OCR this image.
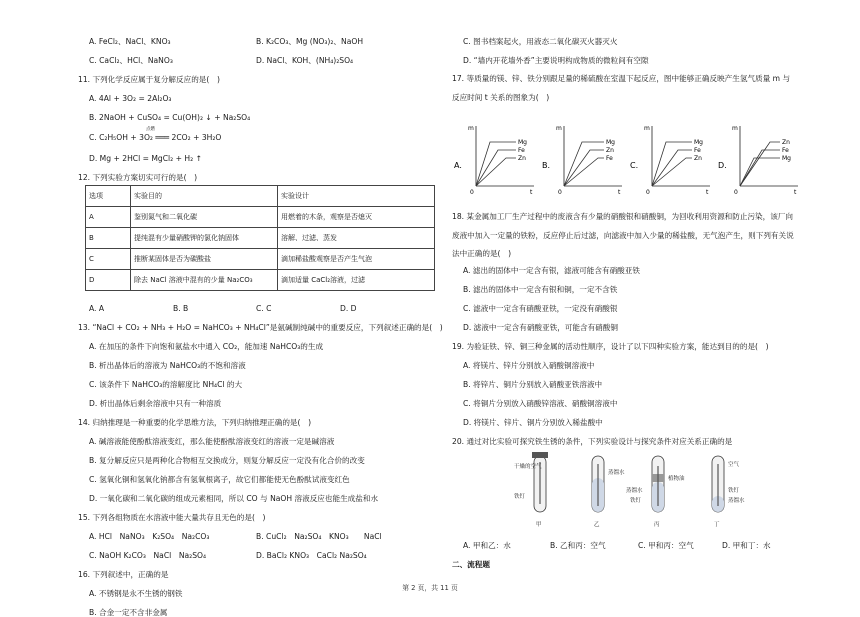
A. FeCl₂、NaCl、KNO₃	B. K₂CO₃、Mg (NO₃)₂、NaOH
C. CaCl₂、HCl、NaNO₃	D. NaCl、KOH、(NH₄)₂SO₄
11. 下列化学反应属于复分解反应的是(　)
A. 4Al + 3O₂ = 2Al₂O₃
B. 2NaOH + CuSO₄ = Cu(OH)₂ ↓ + Na₂SO₄
C. C₂H₅OH + 3O₂ ═══ 2CO₂ + 3H₂O
点燃
D. Mg + 2HCl = MgCl₂ + H₂ ↑
12. 下列实验方案切实可行的是(　)
选项	实验目的	实验设计
A	鉴别氮气和二氧化碳	用燃着的木条，观察是否熄灭
B	提纯混有少量硝酸钾的氯化钠固体	溶解、过滤、蒸发
C	推断某固体是否为碳酸盐	滴加稀盐酸观察是否产生气泡
D	除去 NaCl 溶液中混有的少量 Na₂CO₃	滴加适量 CaCl₂溶液，过滤
A. A	B. B	C. C	D. D
13. “NaCl + CO₂ + NH₃ + H₂O = NaHCO₃ + NH₄Cl”是氨碱制纯碱中的重要反应，下列叙述正确的是(　)
A. 在加压的条件下向饱和氨盐水中通入 CO₂，能加速 NaHCO₃的生成
B. 析出晶体后的溶液为 NaHCO₃的不饱和溶液
C. 该条件下 NaHCO₃的溶解度比 NH₄Cl 的大
D. 析出晶体后剩余溶液中只有一种溶质
14. 归纳推理是一种重要的化学思维方法，下列归纳推理正确的是(　)
A. 碱溶液能使酚酞溶液变红，那么能使酚酞溶液变红的溶液一定是碱溶液
B. 复分解反应只是两种化合物相互交换成分，则复分解反应一定没有化合价的改变
C. 氢氧化铜和氢氧化钠都含有氢氧根离子，故它们都能使无色酚酞试液变红色
D. 一氧化碳和二氧化碳的组成元素相同，所以 CO 与 NaOH 溶液反应也能生成盐和水
15. 下列各组物质在水溶液中能大量共存且无色的是(　)
A. HCl　NaNO₃　K₂SO₄　Na₂CO₃	B. CuCl₂　Na₂SO₄　KNO₃　　NaCl
C. NaOH K₂CO₃　NaCl　Na₂SO₄	D. BaCl₂ KNO₃　CaCl₂ Na₂SO₄
16. 下列叙述中，正确的是
A. 不锈钢是永不生锈的钢铁
B. 合金一定不含非金属
C. 图书档案起火，用液态二氧化碳灭火器灭火
D. “墙内开花墙外香”主要说明构成物质的微粒间有空隙
17. 等质量的镁、锌、铁分别跟足量的稀硫酸在室温下起反应，图中能够正确反映产生氢气质量 m 与反应时间 t 关系的图象为(　)
A.
m
t
0
Mg
Fe
Zn
B.
m
t
0
Mg
Zn
Fe
C.
m
t
0
Mg
Fe
Zn
D.
m
t
0
Zn
Fe
Mg
18. 某金属加工厂生产过程中的废液含有少量的硝酸银和硝酸铜，为回收利用资源和防止污染，该厂向废液中加入一定量的铁粉，反应停止后过滤，向滤液中加入少量的稀盐酸，无气泡产生，则下列有关说法中正确的是(　)
A. 滤出的固体中一定含有银，滤液可能含有硝酸亚铁
B. 滤出的固体中一定含有银和铜，一定不含铁
C. 滤液中一定含有硝酸亚铁，一定没有硝酸银
D. 滤液中一定含有硝酸亚铁，可能含有硝酸铜
19. 为验证铁、锌、铜三种金属的活动性顺序，设计了以下四种实验方案，能达到目的的是(　)
A. 将镁片、锌片分别放入硝酸铜溶液中
B. 将锌片、铜片分别放入硝酸亚铁溶液中
C. 将铜片分别放入硝酸锌溶液、硝酸铜溶液中
D. 将镁片、锌片、铜片分别放入稀盐酸中
20. 通过对比实验可探究铁生锈的条件，下列实验设计与探究条件对应关系正确的是
干燥的空气
铁钉
甲
蒸馏水
乙
蒸馏水
植物油
铁钉
丙
空气
铁钉
蒸馏水
丁
A. 甲和乙：水	B. 乙和丙：空气	C. 甲和丙：空气	D. 甲和丁：水
二、流程题
第 2 页，共 11 页
